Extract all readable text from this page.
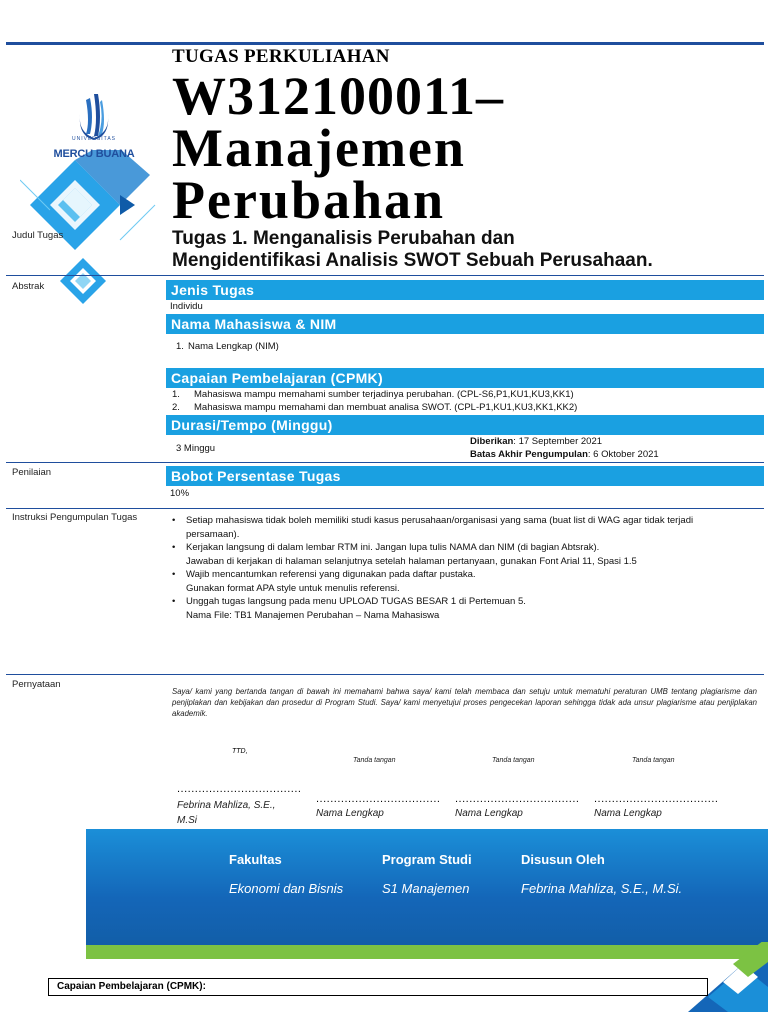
UNIVERSITAS
MERCU BUANA
TUGAS PERKULIAHAN
W312100011–
Manajemen
Perubahan
Judul Tugas	Tugas 1. Menganalisis Perubahan dan
Mengidentifikasi Analisis SWOT Sebuah Perusahaan.
Abstrak	Jenis Tugas
Individu
Nama Mahasiswa & NIM
1. Nama Lengkap (NIM)
Capaian Pembelajaran (CPMK)
1. Mahasiswa mampu memahami sumber terjadinya perubahan. (CPL-S6,P1,KU1,KU3,KK1)
2. Mahasiswa mampu memahami dan membuat analisa SWOT. (CPL-P1,KU1,KU3,KK1,KK2)
Durasi/Tempo (Minggu)
3 Minggu
Diberikan: 17 September 2021
Batas Akhir Pengumpulan: 6 Oktober 2021
Penilaian	Bobot Persentase Tugas
10%
Instruksi Pengumpulan Tugas
•	Setiap mahasiswa tidak boleh memiliki studi kasus perusahaan/organisasi yang sama (buat list di WAG agar tidak terjadi
persamaan).
• Kerjakan langsung di dalam lembar RTM ini. Jangan lupa tulis NAMA dan NIM (di bagian Abtsrak).
Jawaban di kerjakan di halaman selanjutnya setelah halaman pertanyaan, gunakan Font Arial 11, Spasi 1.5
• Wajib mencantumkan referensi yang digunakan pada daftar pustaka.
Gunakan format APA style untuk menulis referensi.
• Unggah tugas langsung pada menu UPLOAD TUGAS BESAR 1 di Pertemuan 5.
Nama File: TB1 Manajemen Perubahan – Nama Mahasiswa
Pernyataan
Saya/ kami yang bertanda tangan di bawah ini memahami bahwa saya/ kami telah membaca dan setuju untuk mematuhi peraturan UMB tentang plagiarisme dan penjiplakan dan kebijakan dan prosedur di Program Studi. Saya/ kami menyetujui proses pengecekan laporan sehingga tidak ada unsur plagiarisme atau penjiplakan akademik.
TTD,
Tanda tangan	Tanda tangan	Tanda tangan
...................................
Febrina Mahliza, S.E.,
M.Si
...................................
Nama Lengkap
...................................
Nama Lengkap
...................................
Nama Lengkap
Fakultas
Ekonomi dan Bisnis
Program Studi
S1 Manajemen
Disusun Oleh
Febrina Mahliza, S.E., M.Si.
Capaian Pembelajaran (CPMK):
